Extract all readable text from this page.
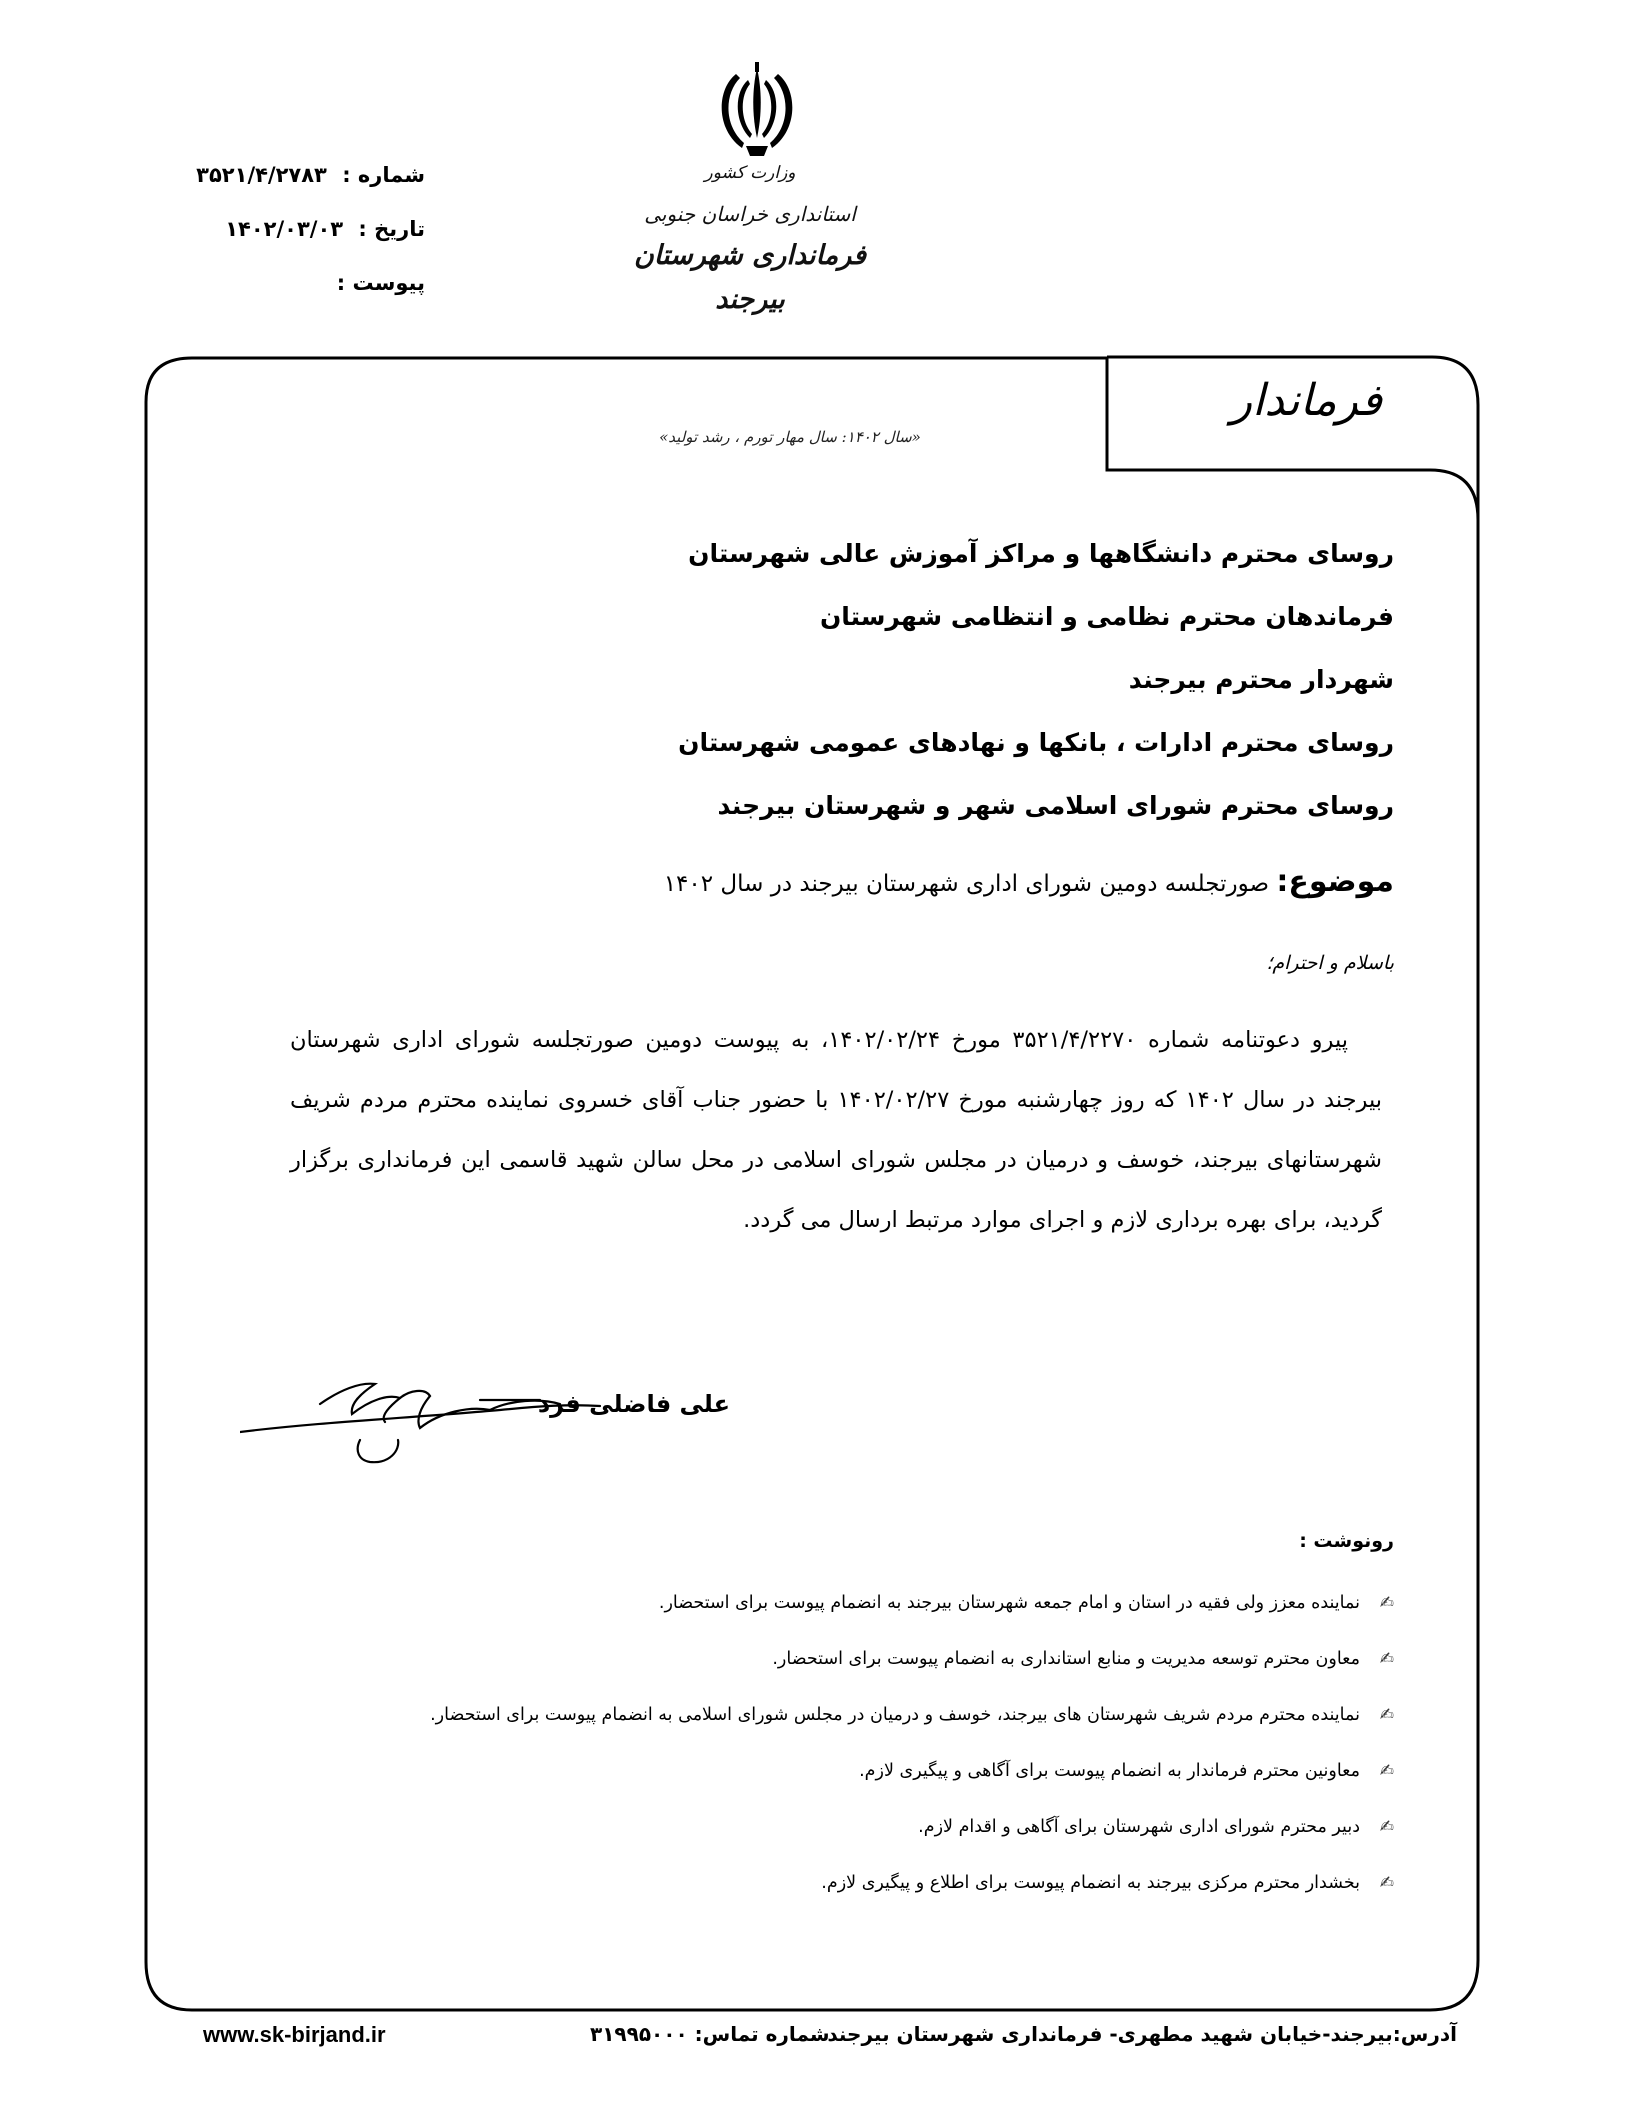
وزارت کشور
استانداری خراسان جنوبی
فرمانداری شهرستان بیرجند
شماره : ۳۵۲۱/۴/۲۷۸۳
تاریخ : ۱۴۰۲/۰۳/۰۳
پیوست :
فرماندار
«سال ۱۴۰۲: سال مهار تورم ، رشد تولید»
روسای محترم دانشگاهها و مراکز آموزش عالی شهرستان
فرماندهان محترم نظامی و انتظامی شهرستان
شهردار محترم بیرجند
روسای محترم ادارات ، بانکها و نهادهای عمومی شهرستان
روسای محترم شورای اسلامی شهر و شهرستان بیرجند
موضوع: صورتجلسه دومین شورای اداری شهرستان بیرجند در سال ۱۴۰۲
باسلام و احترام؛

پیرو دعوتنامه شماره ۳۵۲۱/۴/۲۲۷۰ مورخ ۱۴۰۲/۰۲/۲۴، به پیوست دومین صورتجلسه شورای اداری شهرستان بیرجند در سال ۱۴۰۲ که روز چهارشنبه مورخ ۱۴۰۲/۰۲/۲۷ با حضور جناب آقای خسروی نماینده محترم مردم شریف شهرستانهای بیرجند، خوسف و درمیان در مجلس شورای اسلامی در محل سالن شهید قاسمی این فرمانداری برگزار گردید، برای بهره برداری لازم و اجرای موارد مرتبط ارسال می گردد.

علی فاضلی فرد
رونوشت :
✍نماینده معزز ولی فقیه در استان و امام جمعه شهرستان بیرجند به انضمام پیوست برای استحضار.
✍معاون محترم توسعه مدیریت و منابع استانداری به انضمام پیوست برای استحضار.
✍نماینده محترم مردم شریف شهرستان های بیرجند، خوسف و درمیان در مجلس شورای اسلامی به انضمام پیوست برای استحضار.
✍معاونین محترم فرماندار به انضمام پیوست برای آگاهی و پیگیری لازم.
✍دبیر محترم شورای اداری شهرستان برای آگاهی و اقدام لازم.
✍بخشدار محترم مرکزی بیرجند به انضمام پیوست برای اطلاع و پیگیری لازم.
آدرس:بیرجند-خیابان شهید مطهری- فرمانداری شهرستان بیرجند
شماره تماس: ۳۱۹۹۵۰۰۰
www.sk-birjand.ir
